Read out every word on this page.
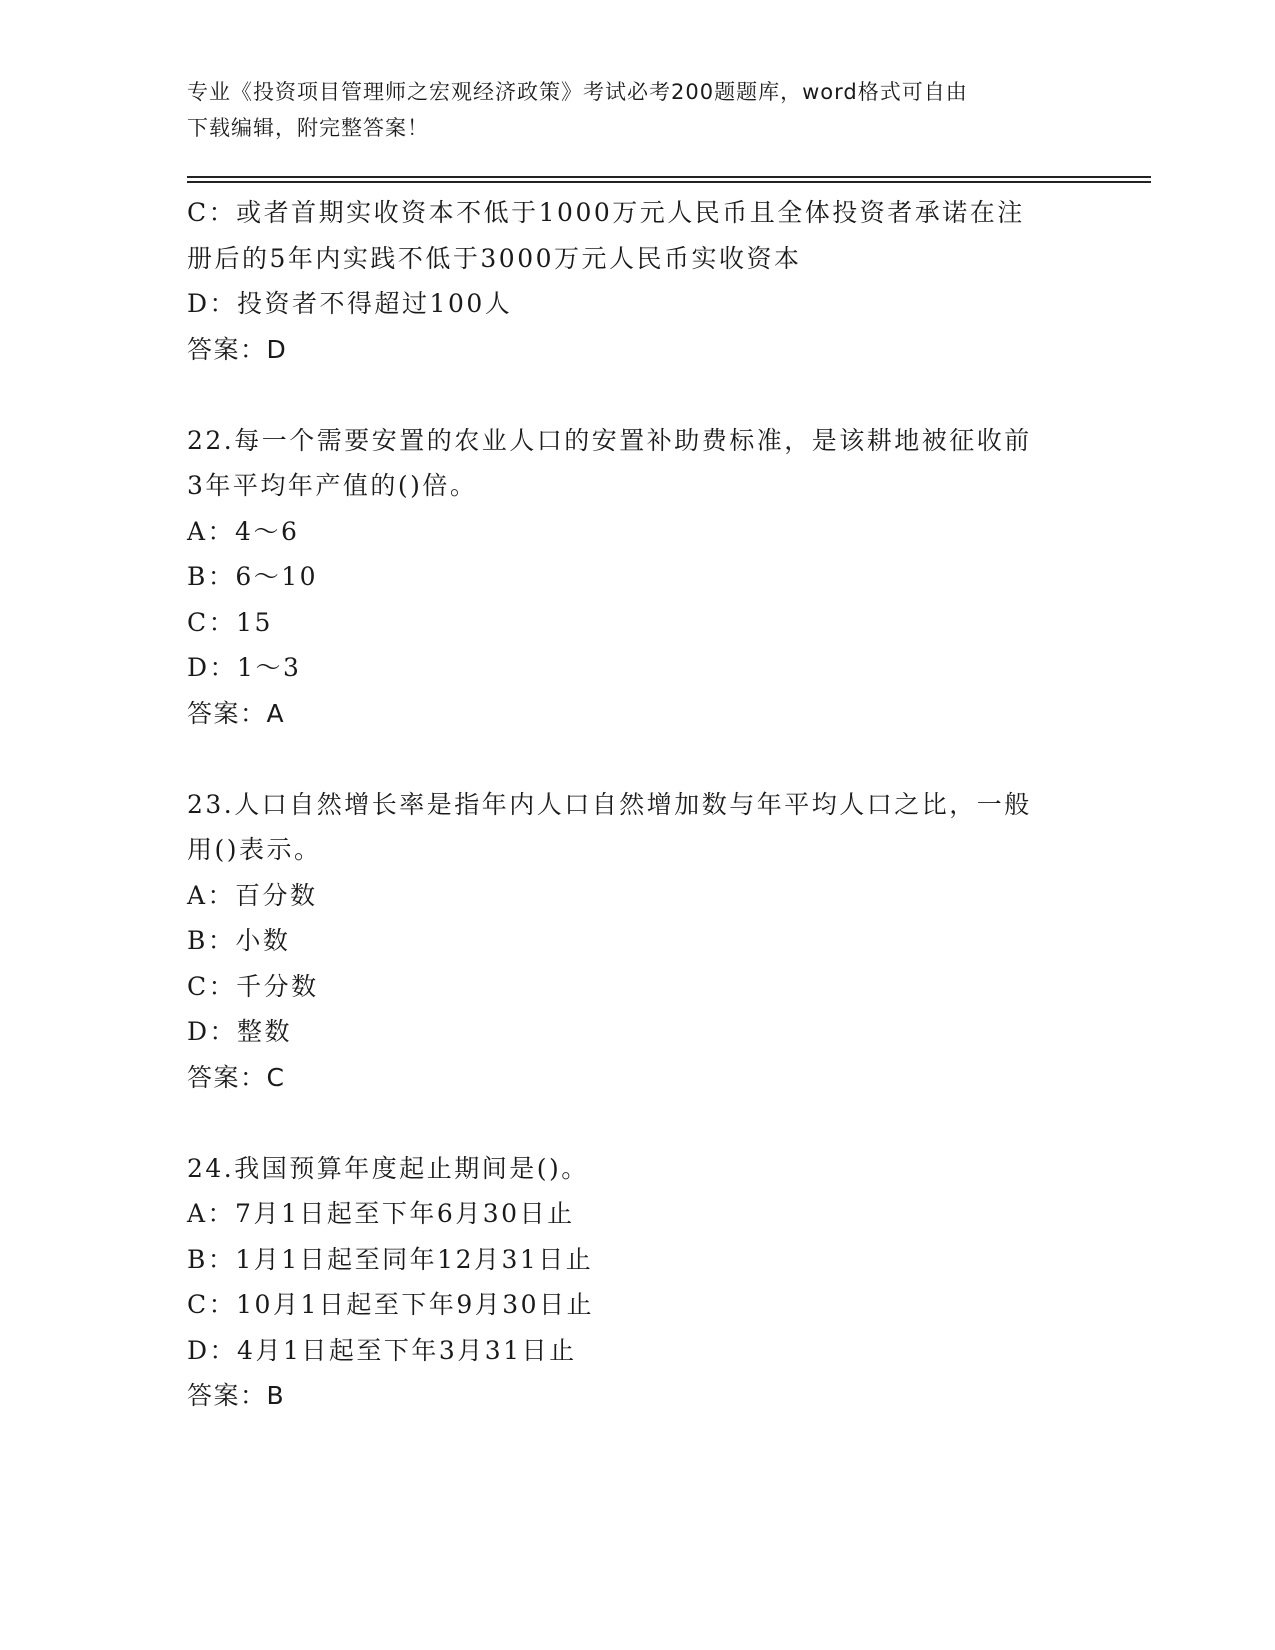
专业《投资项目管理师之宏观经济政策》考试必考200题题库，word格式可自由
下载编辑，附完整答案！
C：或者首期实收资本不低于1000万元人民币且全体投资者承诺在注
册后的5年内实践不低于3000万元人民币实收资本
D：投资者不得超过100人
答案：D
22.每一个需要安置的农业人口的安置补助费标准，是该耕地被征收前
3年平均年产值的()倍。
A：4～6
B：6～10
C：15
D：1～3
答案：A
23.人口自然增长率是指年内人口自然增加数与年平均人口之比，一般
用()表示。
A：百分数
B：小数
C：千分数
D：整数
答案：C
24.我国预算年度起止期间是()。
A：7月1日起至下年6月30日止
B：1月1日起至同年12月31日止
C：10月1日起至下年9月30日止
D：4月1日起至下年3月31日止
答案：B
